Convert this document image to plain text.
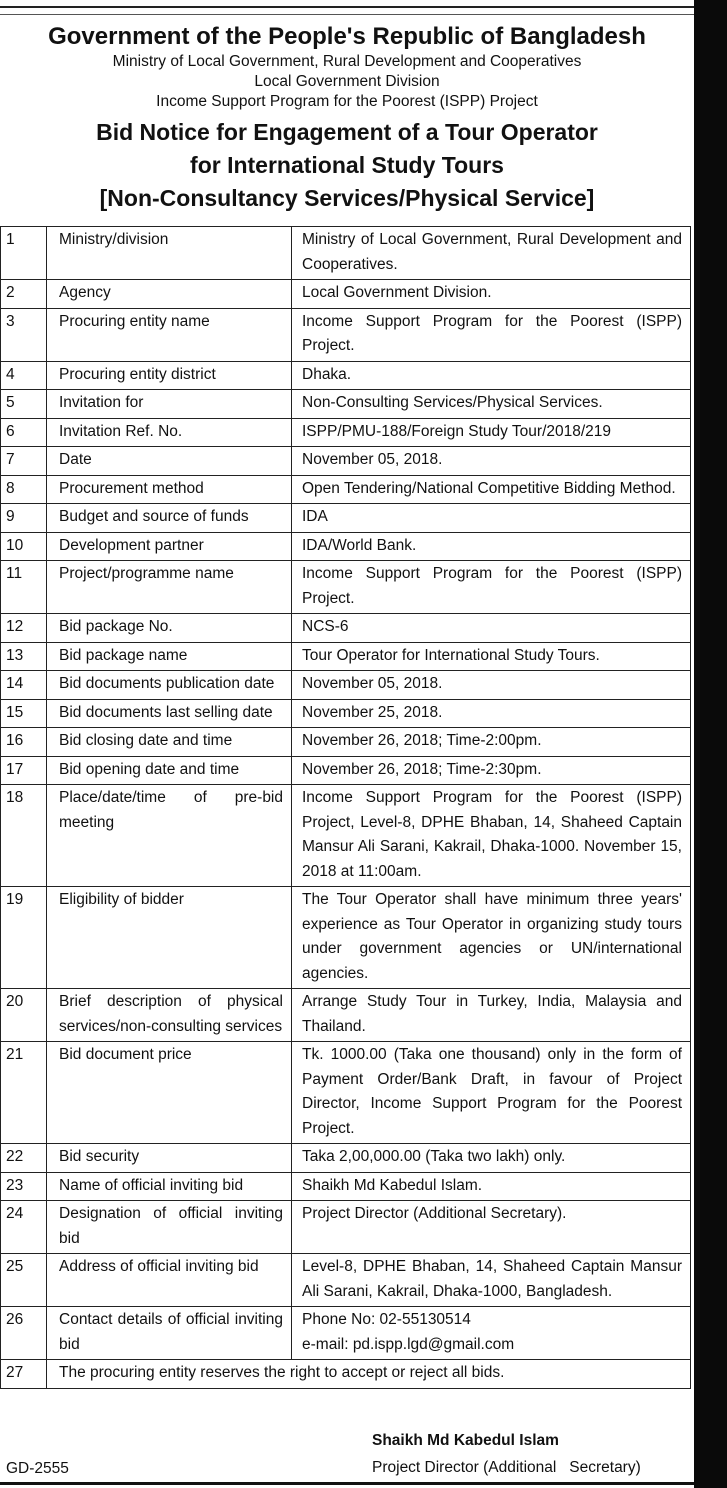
Government of the People's Republic of Bangladesh
Ministry of Local Government, Rural Development and Cooperatives
Local Government Division
Income Support Program for the Poorest (ISPP) Project
Bid Notice for Engagement of a Tour Operator
for International Study Tours
[Non-Consultancy Services/Physical Service]
1	Ministry/division	Ministry of Local Government, Rural Development and Cooperatives.
2	Agency	Local Government Division.
3	Procuring entity name	Income Support Program for the Poorest (ISPP) Project.
4	Procuring entity district	Dhaka.
5	Invitation for	Non-Consulting Services/Physical Services.
6	Invitation Ref. No.	ISPP/PMU-188/Foreign Study Tour/2018/219
7	Date	November 05, 2018.
8	Procurement method	Open Tendering/National Competitive Bidding Method.
9	Budget and source of funds	IDA
10	Development partner	IDA/World Bank.
11	Project/programme name	Income Support Program for the Poorest (ISPP) Project.
12	Bid package No.	NCS-6
13	Bid package name	Tour Operator for International Study Tours.
14	Bid documents publication date	November 05, 2018.
15	Bid documents last selling date	November 25, 2018.
16	Bid closing date and time	November 26, 2018; Time-2:00pm.
17	Bid opening date and time	November 26, 2018; Time-2:30pm.
18	Place/date/time of pre-bid meeting	Income Support Program for the Poorest (ISPP) Project, Level-8, DPHE Bhaban, 14, Shaheed Captain Mansur Ali Sarani, Kakrail, Dhaka-1000. November 15, 2018 at 11:00am.
19	Eligibility of bidder	The Tour Operator shall have minimum three years' experience as Tour Operator in organizing study tours under government agencies or UN/international agencies.
20	Brief description of physical services/non-consulting services	Arrange Study Tour in Turkey, India, Malaysia and Thailand.
21	Bid document price	Tk. 1000.00 (Taka one thousand) only in the form of Payment Order/Bank Draft, in favour of Project Director, Income Support Program for the Poorest Project.
22	Bid security	Taka 2,00,000.00 (Taka two lakh) only.
23	Name of official inviting bid	Shaikh Md Kabedul Islam.
24	Designation of official inviting bid	Project Director (Additional Secretary).
25	Address of official inviting bid	Level-8, DPHE Bhaban, 14, Shaheed Captain Mansur Ali Sarani, Kakrail, Dhaka-1000, Bangladesh.
26	Contact details of official inviting bid	Phone No: 02-55130514
e-mail: pd.ispp.lgd@gmail.com

27	The procuring entity reserves the right to accept or reject all bids.	
Shaikh Md Kabedul Islam
Project Director (Additional   Secretary)
GD-2555
